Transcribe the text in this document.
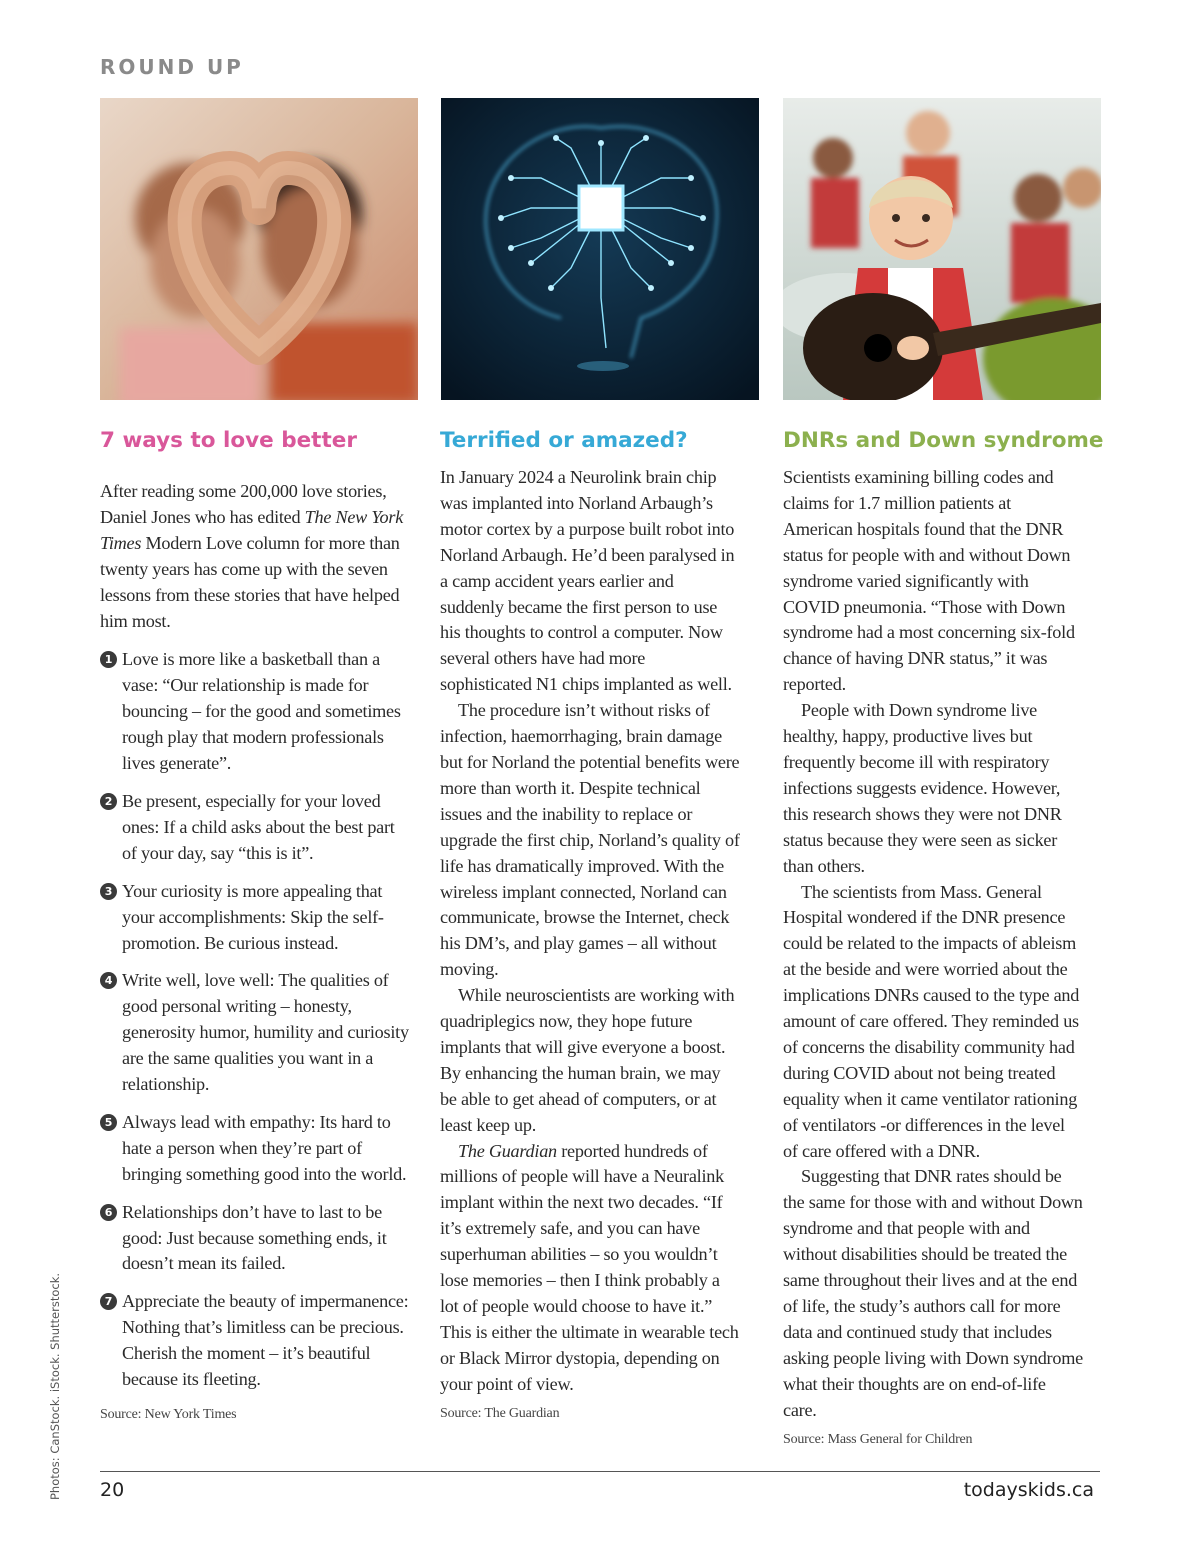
ROUND UP
7 ways to love better

After reading some 200,000 love stories, Daniel Jones who has edited The New York Times Modern Love column for more than twenty years has come up with the seven lessons from these stories that have helped him most.

1 Love is more like a basketball than a vase: “Our relationship is made for bouncing – for the good and sometimes rough play that modern professionals lives generate”.
2 Be present, especially for your loved ones: If a child asks about the best part of your day, say “this is it”.
3 Your curiosity is more appealing that your accomplishments: Skip the self-promotion. Be curious instead.
4 Write well, love well: The qualities of good personal writing – honesty, generosity humor, humility and curiosity are the same qualities you want in a relationship.
5 Always lead with empathy: Its hard to hate a person when they’re part of bringing something good into the world.
6 Relationships don’t have to last to be good: Just because something ends, it doesn’t mean its failed.
7 Appreciate the beauty of impermanence: Nothing that’s limitless can be precious. Cherish the moment – it’s beautiful because its fleeting.
Source: New York Times
Terrified or amazed?

In January 2024 a Neurolink brain chip was implanted into Norland Arbaugh’s motor cortex by a purpose built robot into Norland Arbaugh. He’d been paralysed in a camp accident years earlier and suddenly became the first person to use his thoughts to control a computer. Now several others have had more sophisticated N1 chips implanted as well.

The procedure isn’t without risks of infection, haemorrhaging, brain damage but for Norland the potential benefits were more than worth it. Despite technical issues and the inability to replace or upgrade the first chip, Norland’s quality of life has dramatically improved. With the wireless implant connected, Norland can communicate, browse the Internet, check his DM’s, and play games – all without moving.

While neuroscientists are working with quadriplegics now, they hope future implants that will give everyone a boost. By enhancing the human brain, we may be able to get ahead of computers, or at least keep up.

The Guardian reported hundreds of millions of people will have a Neuralink implant within the next two decades. “If it’s extremely safe, and you can have superhuman abilities – so you wouldn’t lose memories – then I think probably a lot of people would choose to have it.” This is either the ultimate in wearable tech or Black Mirror dystopia, depending on your point of view.

Source: The Guardian
DNRs and Down syndrome

Scientists examining billing codes and claims for 1.7 million patients at American hospitals found that the DNR status for people with and without Down syndrome varied significantly with COVID pneumonia. “Those with Down syndrome had a most concerning six-fold chance of having DNR status,” it was reported.

People with Down syndrome live healthy, happy, productive lives but frequently become ill with respiratory infections suggests evidence. However, this research shows they were not DNR status because they were seen as sicker than others.

The scientists from Mass. General Hospital wondered if the DNR presence could be related to the impacts of ableism at the beside and were worried about the implications DNRs caused to the type and amount of care offered. They reminded us of concerns the disability community had during COVID about not being treated equality when it came ventilator rationing of ventilators -or differences in the level of care offered with a DNR.

Suggesting that DNR rates should be the same for those with and without Down syndrome and that people with and without disabilities should be treated the same throughout their lives and at the end of life, the study’s authors call for more data and continued study that includes asking people living with Down syndrome what their thoughts are on end-of-life care.

Source: Mass General for Children
Photos: CanStock. iStock. Shutterstock. 20	todayskids.ca
